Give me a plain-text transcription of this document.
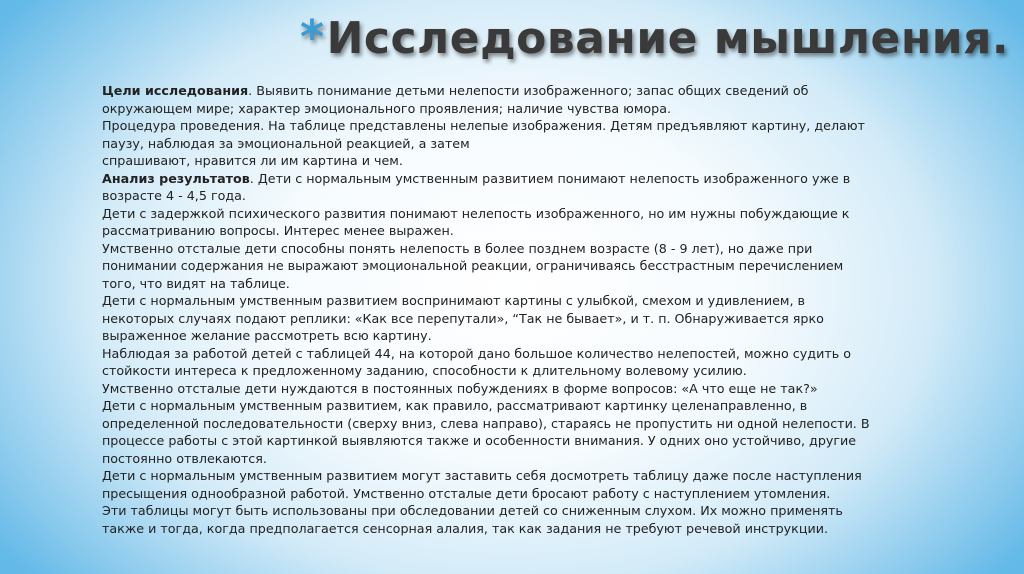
*Исследование мышления.
Цели исследования. Выявить понимание детьми нелепости изображенного; запас общих сведений об
окружающем мире; характер эмоционального проявления; наличие чувства юмора.
Процедура проведения. На таблице представлены нелепые изображения. Детям предъявляют картину, делают
паузу, наблюдая за эмоциональной реакцией, а затем
спрашивают, нравится ли им картина и чем.
Анализ результатов. Дети с нормальным умственным развитием понимают нелепость изображенного уже в
возрасте 4 - 4,5 года.
Дети с задержкой психического развития понимают нелепость изображенного, но им нужны побуждающие к
рассматриванию вопросы. Интерес менее выражен.
Умственно отсталые дети способны понять нелепость в более позднем возрасте (8 - 9 лет), но даже при
понимании содержания не выражают эмоциональной реакции, ограничиваясь бесстрастным перечислением
того, что видят на таблице.
Дети с нормальным умственным развитием воспринимают картины с улыбкой, смехом и удивлением, в
некоторых случаях подают реплики: «Как все перепутали», “Так не бывает», и т. п. Обнаруживается ярко
выраженное желание рассмотреть всю картину.
Наблюдая за работой детей с таблицей 44, на которой дано большое количество нелепостей, можно судить о
стойкости интереса к предложенному заданию, способности к длительному волевому усилию.
Умственно отсталые дети нуждаются в постоянных побуждениях в форме вопросов: «А что еще не так?»
Дети с нормальным умственным развитием, как правило, рассматривают картинку целенаправленно, в
определенной последовательности (сверху вниз, слева направо), стараясь не пропустить ни одной нелепости. В
процессе работы с этой картинкой выявляются также и особенности внимания. У одних оно устойчиво, другие
постоянно отвлекаются.
Дети с нормальным умственным развитием могут заставить себя досмотреть таблицу даже после наступления
пресыщения однообразной работой. Умственно отсталые дети бросают работу с наступлением утомления.
Эти таблицы могут быть использованы при обследовании детей со сниженным слухом. Их можно применять
также и тогда, когда предполагается сенсорная алалия, так как задания не требуют речевой инструкции.
